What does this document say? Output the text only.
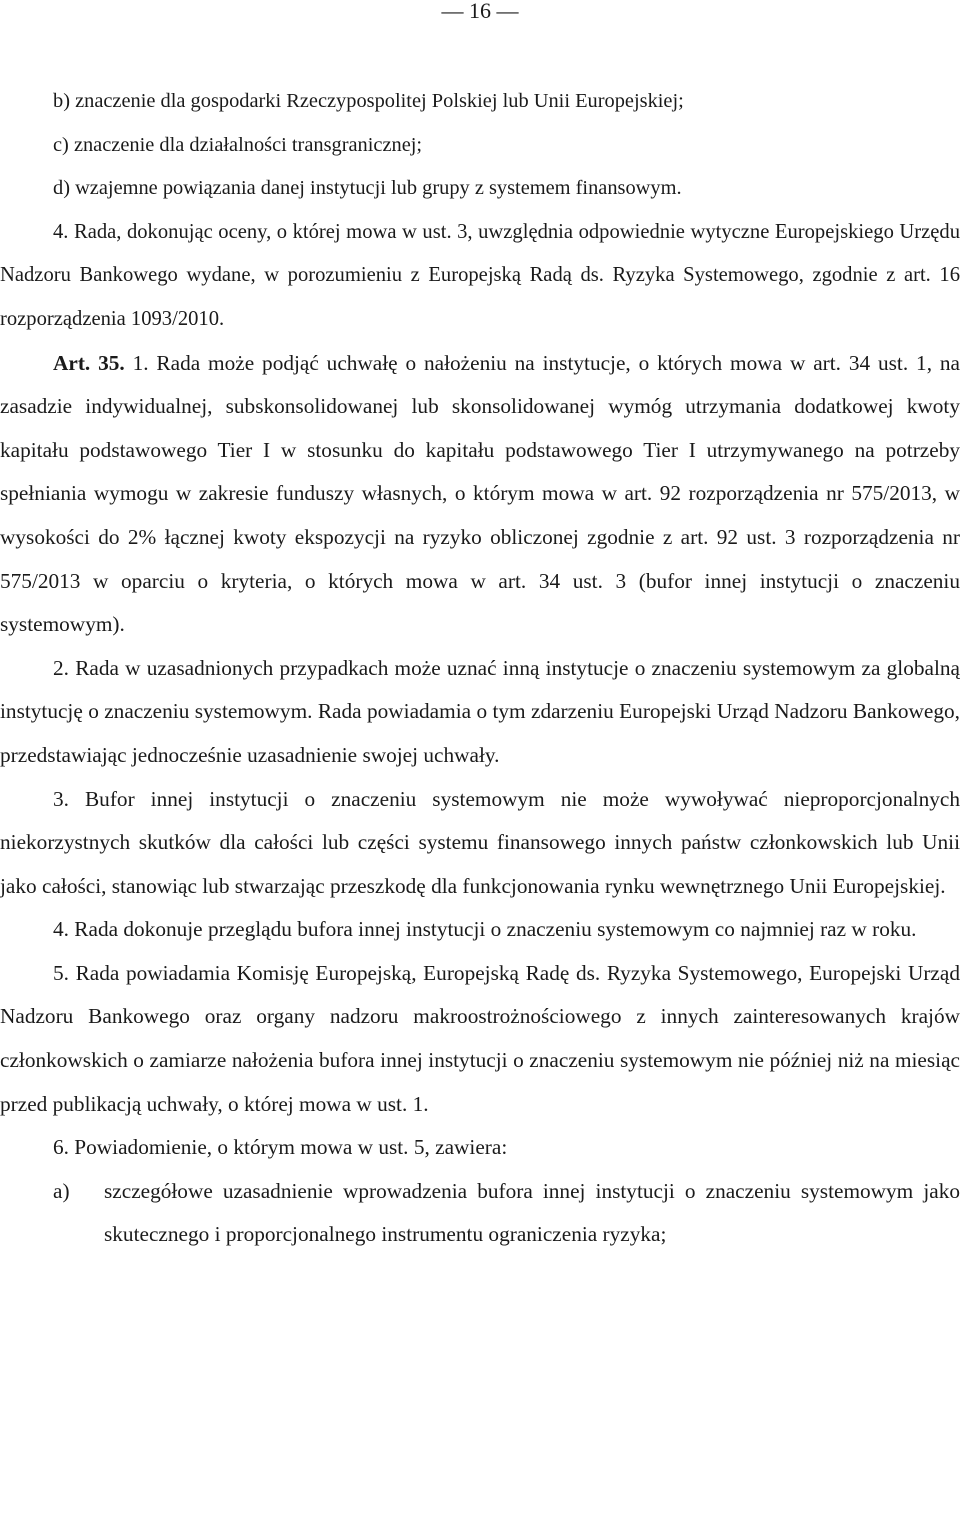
— 16 —

b) znaczenie dla gospodarki Rzeczypospolitej Polskiej lub Unii Europejskiej;

c) znaczenie dla działalności transgranicznej;

d) wzajemne powiązania danej instytucji lub grupy z systemem finansowym.

4. Rada, dokonując oceny, o której mowa w ust. 3, uwzględnia odpowiednie wytyczne Europejskiego Urzędu Nadzoru Bankowego wydane, w porozumieniu z Europejską Radą ds. Ryzyka Systemowego, zgodnie z art. 16 rozporządzenia 1093/2010.

Art. 35. 1. Rada może podjąć uchwałę o nałożeniu na instytucje, o których mowa w art. 34 ust. 1, na zasadzie indywidualnej, subskonsolidowanej lub skonsolidowanej wymóg utrzymania dodatkowej kwoty kapitału podstawowego Tier I w stosunku do kapitału podstawowego Tier I utrzymywanego na potrzeby spełniania wymogu w zakresie funduszy własnych, o którym mowa w art. 92 rozporządzenia nr 575/2013, w wysokości do 2% łącznej kwoty ekspozycji na ryzyko obliczonej zgodnie z art. 92 ust. 3 rozporządzenia nr 575/2013 w oparciu o kryteria, o których mowa w art. 34 ust. 3 (bufor innej instytucji o znaczeniu systemowym).

2. Rada w uzasadnionych przypadkach może uznać inną instytucje o znaczeniu systemowym za globalną instytucję o znaczeniu systemowym. Rada powiadamia o tym zdarzeniu Europejski Urząd Nadzoru Bankowego, przedstawiając jednocześnie uzasadnienie swojej uchwały.

3. Bufor innej instytucji o znaczeniu systemowym nie może wywoływać nieproporcjonalnych niekorzystnych skutków dla całości lub części systemu finansowego innych państw członkowskich lub Unii jako całości, stanowiąc lub stwarzając przeszkodę dla funkcjonowania rynku wewnętrznego Unii Europejskiej.

4. Rada dokonuje przeglądu bufora innej instytucji o znaczeniu systemowym co najmniej raz w roku.

5. Rada powiadamia Komisję Europejską, Europejską Radę ds. Ryzyka Systemowego, Europejski Urząd Nadzoru Bankowego oraz organy nadzoru makroostrożnościowego z innych zainteresowanych krajów członkowskich o zamiarze nałożenia bufora innej instytucji o znaczeniu systemowym nie później niż na miesiąc przed publikacją uchwały, o której mowa w ust. 1.

6. Powiadomienie, o którym mowa w ust. 5, zawiera:

a) szczegółowe uzasadnienie wprowadzenia bufora innej instytucji o znaczeniu systemowym jako skutecznego i proporcjonalnego instrumentu ograniczenia ryzyka;
